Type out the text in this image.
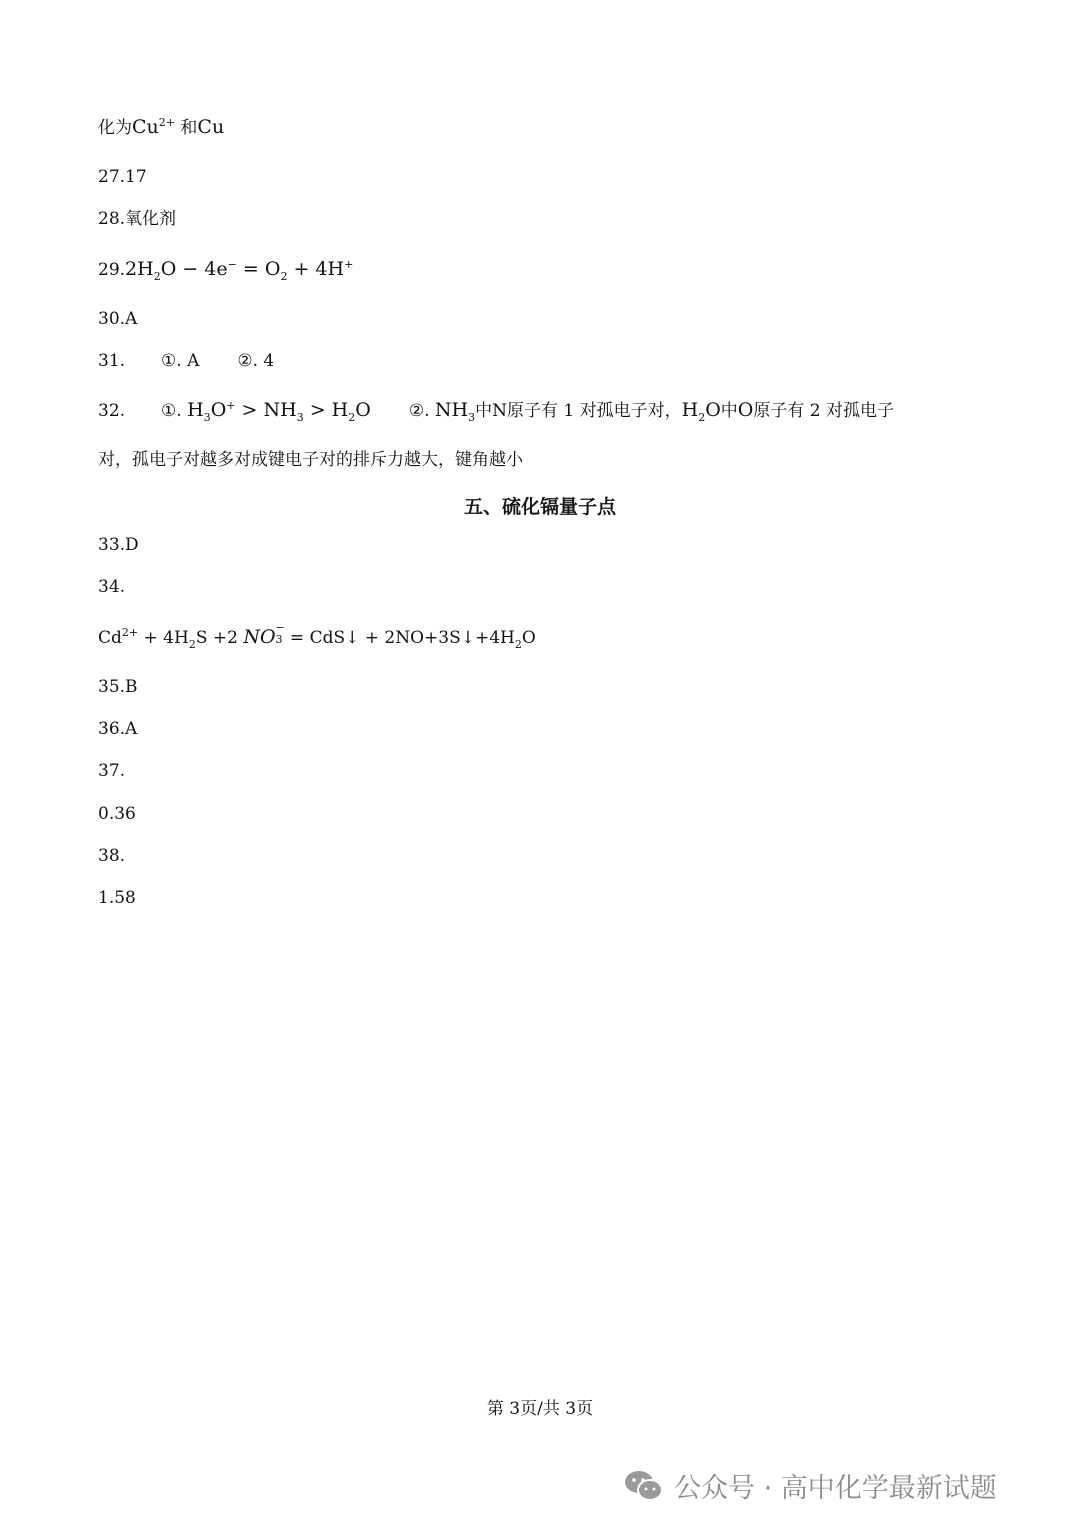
化为$Cu^{2+}$ 和Cu
27.17
28.氧化剂
$29.2H_2O - 4e^- = O_2 + 4H^+$
30.A
31. ①. A ②. 4
32. ①. $H_3O^+ > NH_3 > H_2O$ ②. $NH_3$中N原子有 1 对孤电子对，$H_2O$中O原子有 2 对孤电子
对，孤电子对越多对成键电子对的排斥力越大，键角越小
五、硫化镉量子点
33.D
34.
$Cd^{2+} + 4H_2S +2$ NO −
3 = CdS↓ + $2NO+3S↓+4H_2O$
35.B
36.A
37.
0.36
38.
1.58
第 3页/共 3页
公众号 · 高中化学最新试题
